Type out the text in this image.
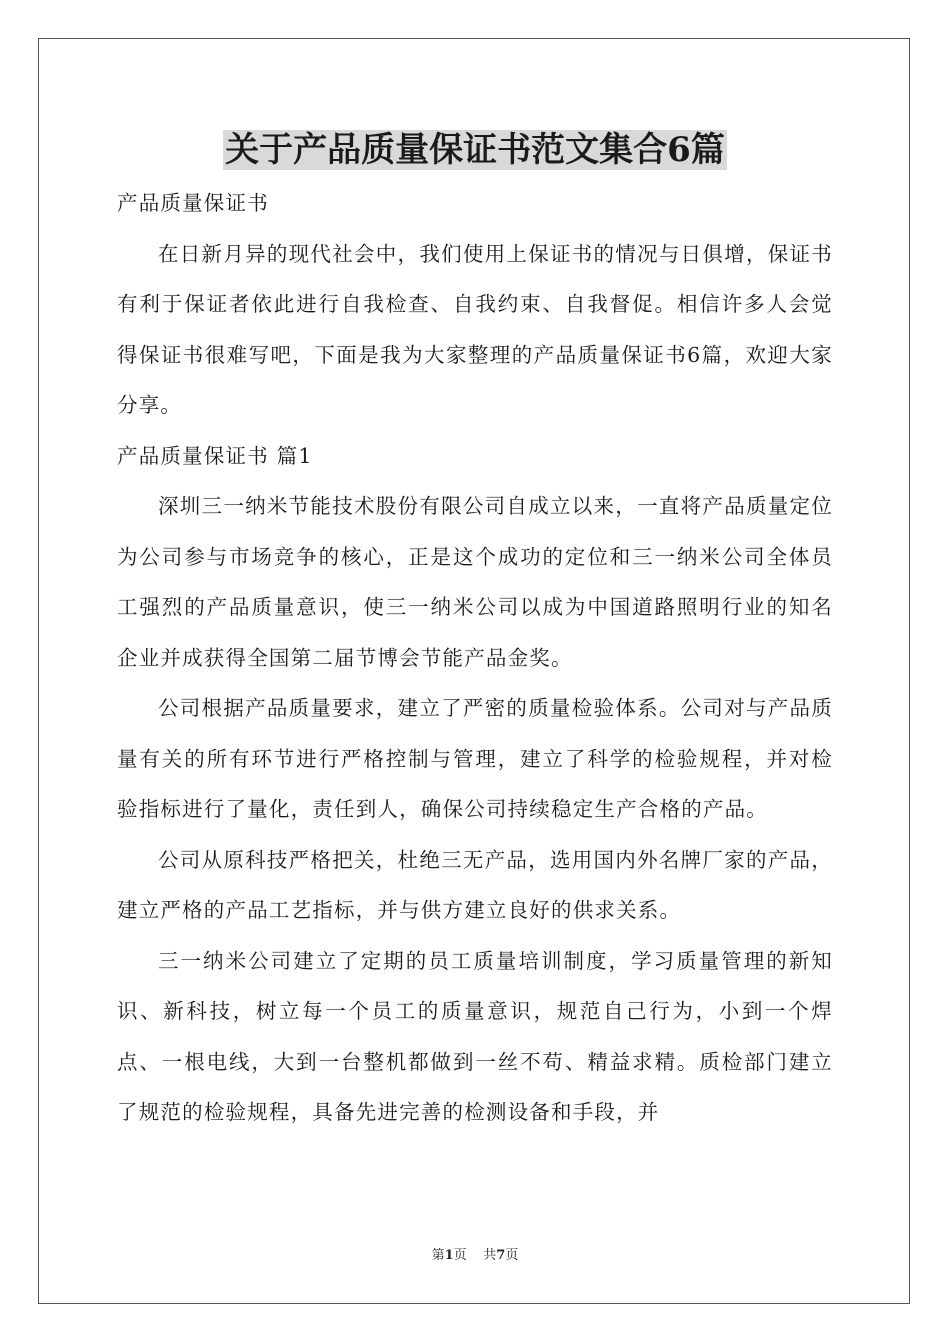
关于产品质量保证书范文集合6篇

产品质量保证书

在日新月异的现代社会中，我们使用上保证书的情况与日俱增，保证书有利于保证者依此进行自我检查、自我约束、自我督促。相信许多人会觉得保证书很难写吧，下面是我为大家整理的产品质量保证书6篇，欢迎大家分享。

产品质量保证书 篇1

深圳三一纳米节能技术股份有限公司自成立以来，一直将产品质量定位为公司参与市场竞争的核心，正是这个成功的定位和三一纳米公司全体员工强烈的产品质量意识，使三一纳米公司以成为中国道路照明行业的知名企业并成获得全国第二届节博会节能产品金奖。

公司根据产品质量要求，建立了严密的质量检验体系。公司对与产品质量有关的所有环节进行严格控制与管理，建立了科学的检验规程，并对检验指标进行了量化，责任到人，确保公司持续稳定生产合格的产品。

公司从原科技严格把关，杜绝三无产品，选用国内外名牌厂家的产品，建立严格的产品工艺指标，并与供方建立良好的供求关系。

三一纳米公司建立了定期的员工质量培训制度，学习质量管理的新知识、新科技，树立每一个员工的质量意识，规范自己行为，小到一个焊点、一根电线，大到一台整机都做到一丝不苟、精益求精。质检部门建立了规范的检验规程，具备先进完善的检测设备和手段，并

第1页 共7页
